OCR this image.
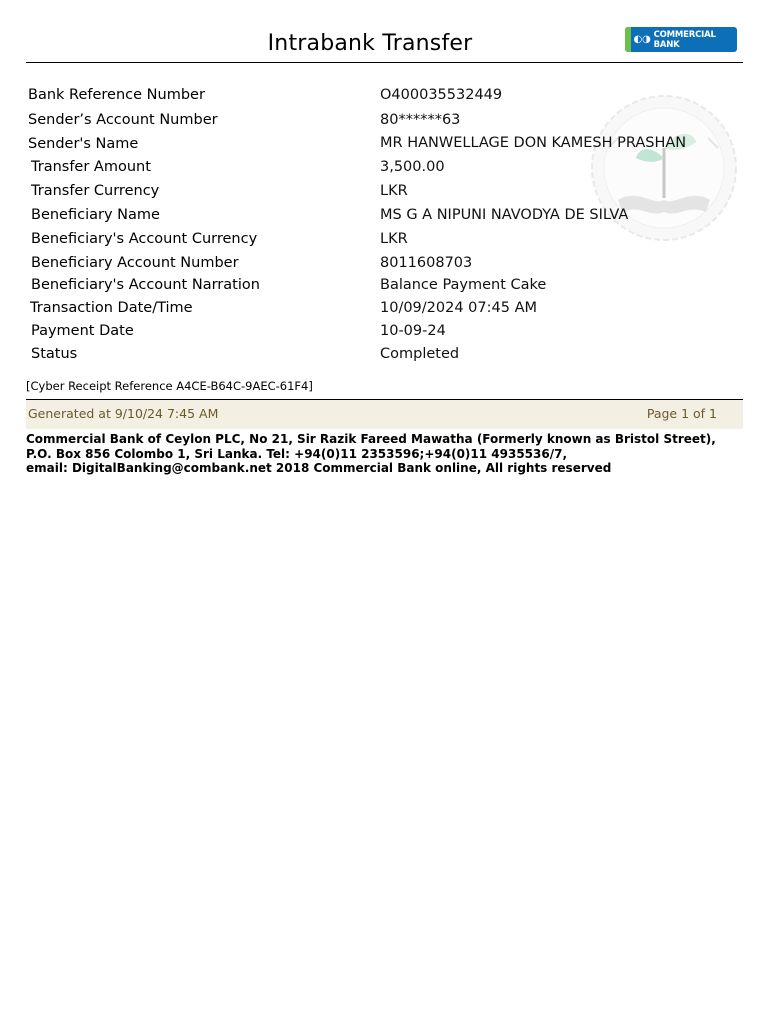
Intrabank Transfer	◐◑ COMMERCIAL BANK
Bank Reference Number	O400035532449
Sender’s Account Number	80******63
Sender's Name	MR HANWELLAGE DON KAMESH PRASHAN
Transfer Amount	3,500.00
Transfer Currency	LKR
Beneficiary Name	MS G A NIPUNI NAVODYA DE SILVA
Beneficiary's Account Currency	LKR
Beneficiary Account Number	8011608703
Beneficiary's Account Narration	Balance Payment Cake
Transaction Date/Time	10/09/2024 07:45 AM
Payment Date	10-09-24
Status	Completed
[Cyber Receipt Reference A4CE-B64C-9AEC-61F4]
Generated at 9/10/24 7:45 AM	Page 1 of 1
Commercial Bank of Ceylon PLC, No 21, Sir Razik Fareed Mawatha (Formerly known as Bristol Street),
P.O. Box 856 Colombo 1, Sri Lanka. Tel: +94(0)11 2353596;+94(0)11 4935536/7,
email: DigitalBanking@combank.net 2018 Commercial Bank online, All rights reserved
